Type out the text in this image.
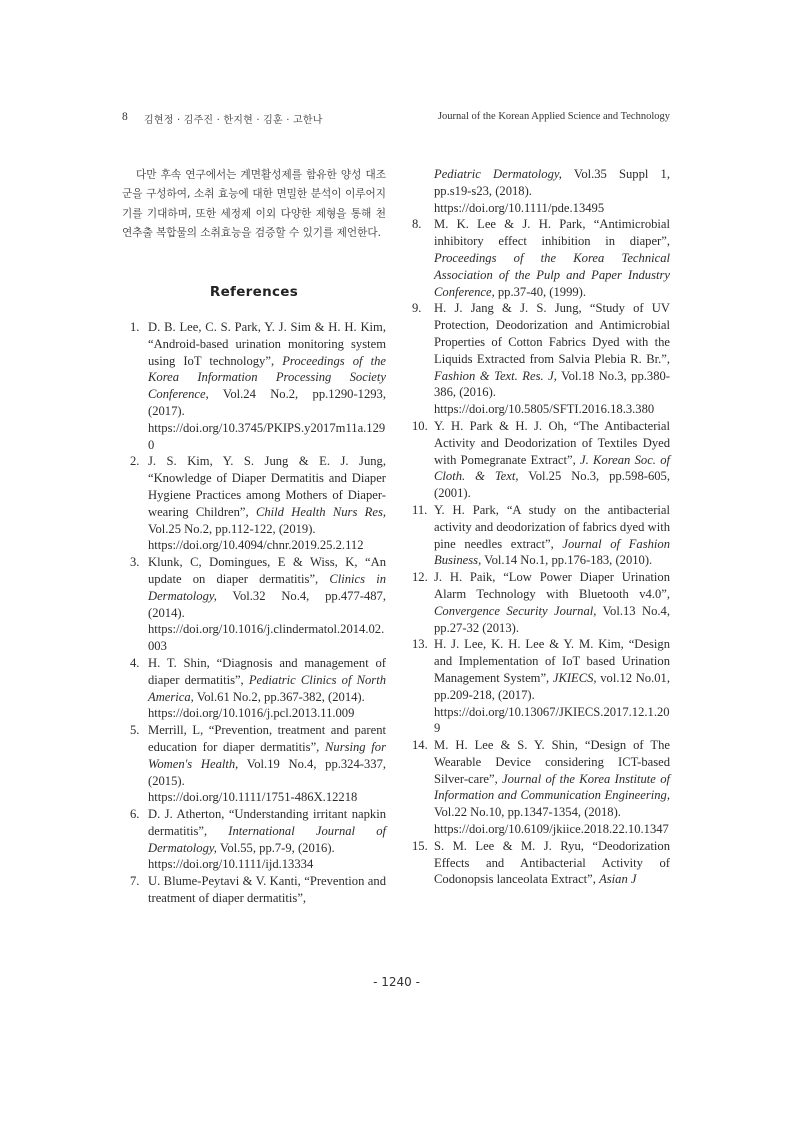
8 김현정 · 김주진 · 한지현 · 김훈 · 고한나	Journal of the Korean Applied Science and Technology

다만 후속 연구에서는 계면활성제를 함유한 양성 대조군을 구성하여, 소취 효능에 대한 면밀한 분석이 이루어지기를 기대하며, 또한 세정제 이외 다양한 제형을 통해 천연추출 복합물의 소취효능을 검증할 수 있기를 제언한다.

References
1. D. B. Lee, C. S. Park, Y. J. Sim & H. H. Kim, “Android-based urination monitoring system using IoT technology”, Proceedings of the Korea Information Processing Society Conference, Vol.24 No.2, pp.1290-1293, (2017).
https://doi.org/10.3745/PKIPS.y2017m11a.1290
2. J. S. Kim, Y. S. Jung & E. J. Jung, “Knowledge of Diaper Dermatitis and Diaper Hygiene Practices among Mothers of Diaper-wearing Children”, Child Health Nurs Res, Vol.25 No.2, pp.112-122, (2019).
https://doi.org/10.4094/chnr.2019.25.2.112
3. Klunk, C, Domingues, E & Wiss, K, “An update on diaper dermatitis”, Clinics in Dermatology, Vol.32 No.4, pp.477-487, (2014).
https://doi.org/10.1016/j.clindermatol.2014.02.003
4. H. T. Shin, “Diagnosis and management of diaper dermatitis”, Pediatric Clinics of North America, Vol.61 No.2, pp.367-382, (2014).
https://doi.org/10.1016/j.pcl.2013.11.009
5. Merrill, L, “Prevention, treatment and parent education for diaper dermatitis”, Nursing for Women's Health, Vol.19 No.4, pp.324-337, (2015).
https://doi.org/10.1111/1751-486X.12218
6. D. J. Atherton, “Understanding irritant napkin dermatitis”, International Journal of Dermatology, Vol.55, pp.7-9, (2016).
https://doi.org/10.1111/ijd.13334
7. U. Blume-Peytavi & V. Kanti, “Prevention and treatment of diaper dermatitis”,

Pediatric Dermatology, Vol.35 Suppl 1, pp.s19-s23, (2018).
https://doi.org/10.1111/pde.13495

8. M. K. Lee & J. H. Park, “Antimicrobial inhibitory effect inhibition in diaper”, Proceedings of the Korea Technical Association of the Pulp and Paper Industry Conference, pp.37-40, (1999).
9. H. J. Jang & J. S. Jung, “Study of UV Protection, Deodorization and Antimicrobial Properties of Cotton Fabrics Dyed with the Liquids Extracted from Salvia Plebia R. Br.”, Fashion & Text. Res. J, Vol.18 No.3, pp.380-386, (2016).
https://doi.org/10.5805/SFTI.2016.18.3.380
10. Y. H. Park & H. J. Oh, “The Antibacterial Activity and Deodorization of Textiles Dyed with Pomegranate Extract”, J. Korean Soc. of Cloth. & Text, Vol.25 No.3, pp.598-605, (2001).
11. Y. H. Park, “A study on the antibacterial activity and deodorization of fabrics dyed with pine needles extract”, Journal of Fashion Business, Vol.14 No.1, pp.176-183, (2010).
12. J. H. Paik, “Low Power Diaper Urination Alarm Technology with Bluetooth v4.0”, Convergence Security Journal, Vol.13 No.4, pp.27-32 (2013).
13. H. J. Lee, K. H. Lee & Y. M. Kim, “Design and Implementation of IoT based Urination Management System”, JKIECS, vol.12 No.01, pp.209-218, (2017).
https://doi.org/10.13067/JKIECS.2017.12.1.209
14. M. H. Lee & S. Y. Shin, “Design of The Wearable Device considering ICT-based Silver-care”, Journal of the Korea Institute of Information and Communication Engineering, Vol.22 No.10, pp.1347-1354, (2018).
https://doi.org/10.6109/jkiice.2018.22.10.1347
15. S. M. Lee & M. J. Ryu, “Deodorization Effects and Antibacterial Activity of Codonopsis lanceolata Extract”, Asian J
- 1240 -
